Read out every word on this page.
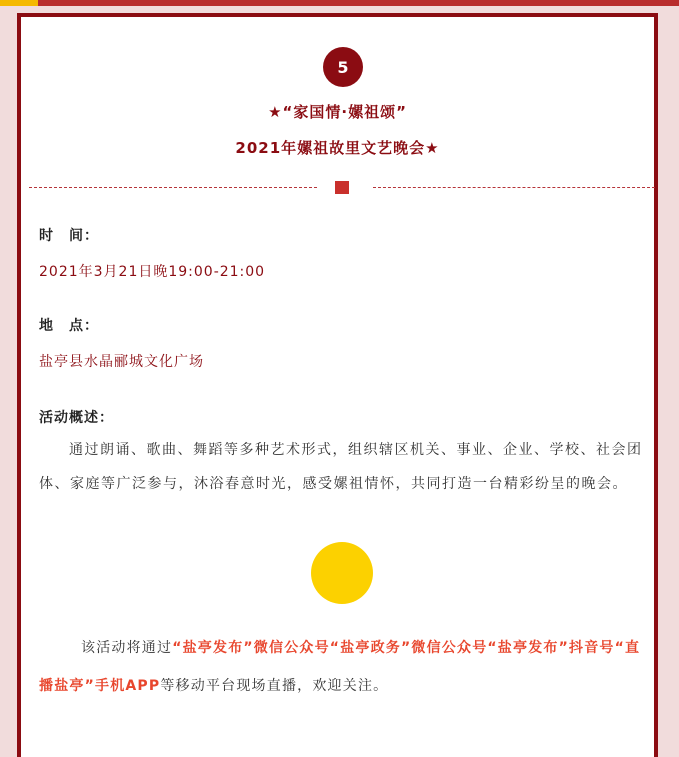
5
★“家国情·嫘祖颂”
2021年嫘祖故里文艺晚会★
时　间：
2021年3月21日晚19:00-21:00
地　点：
盐亭县水晶郦城文化广场
活动概述：
通过朗诵、歌曲、舞蹈等多种艺术形式，组织辖区机关、事业、企业、学校、社会团体、家庭等广泛参与，沐浴春意时光，感受嫘祖情怀，共同打造一台精彩纷呈的晚会。
该活动将通过“盐亭发布”微信公众号“盐亭政务”微信公众号“盐亭发布”抖音号“直播盐亭”手机APP等移动平台现场直播，欢迎关注。
